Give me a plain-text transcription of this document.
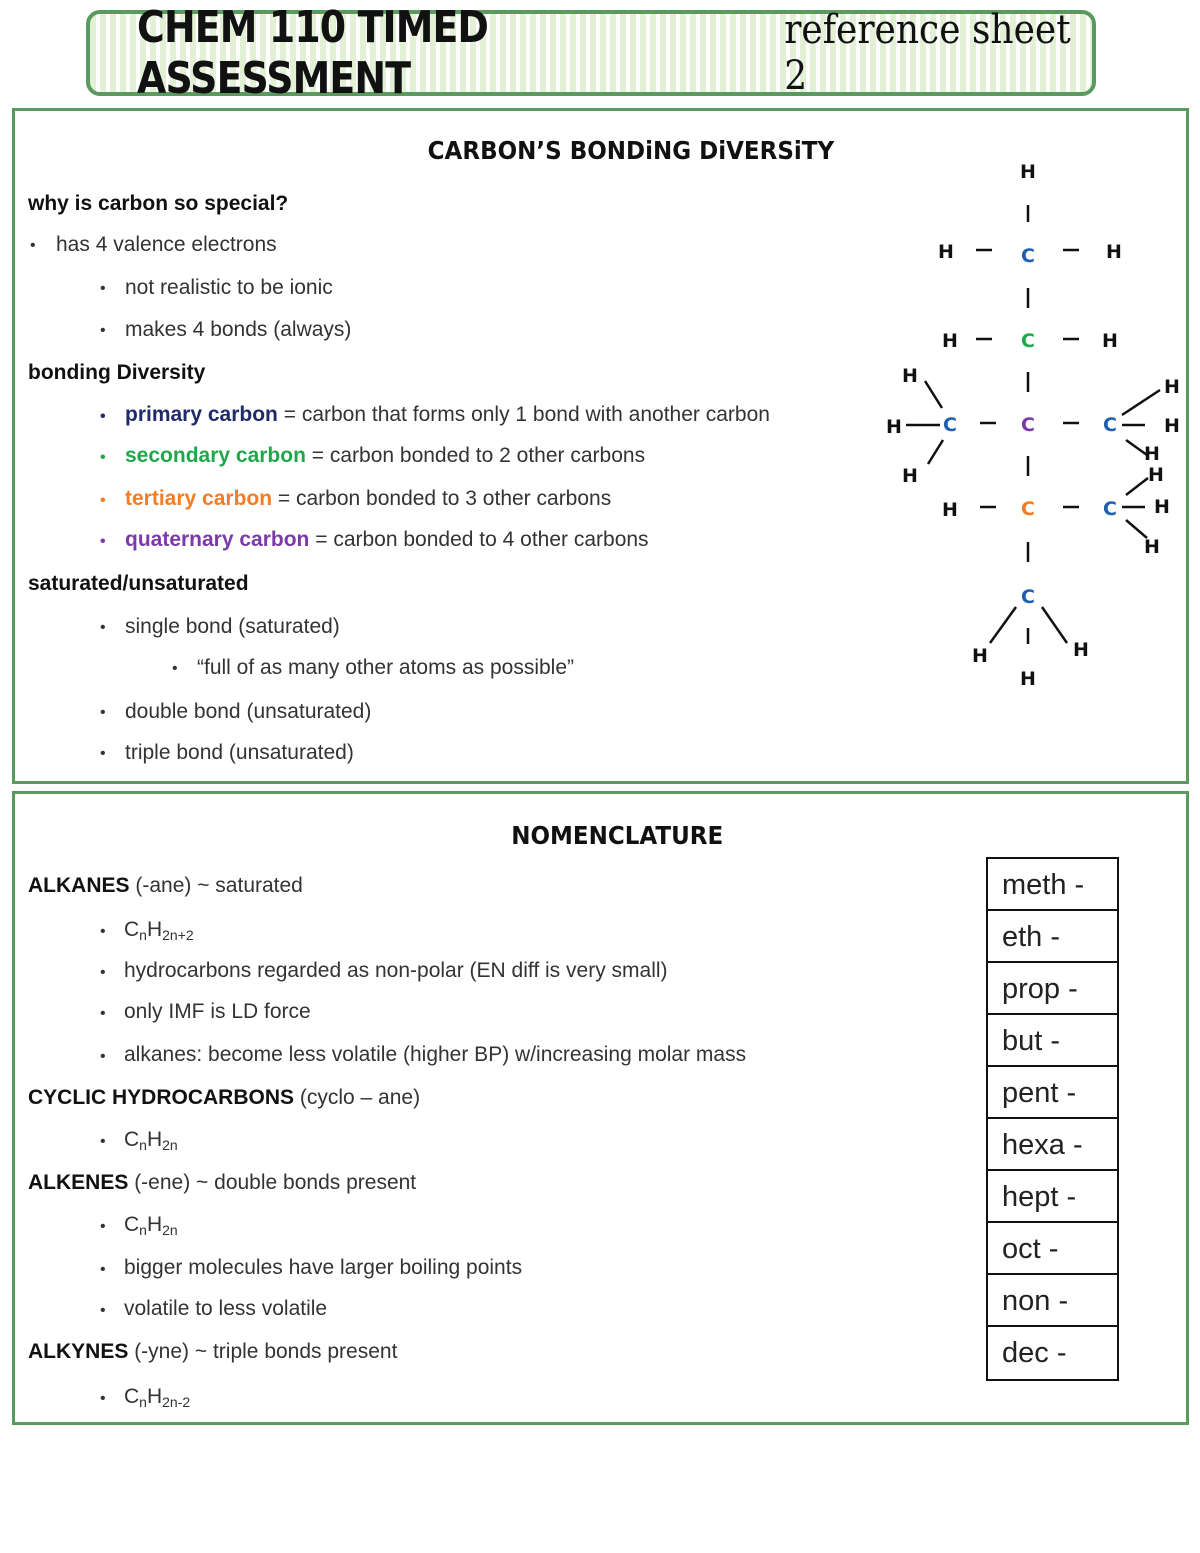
CHEM 110 TIMED ASSESSMENT
reference sheet 2
CARBON’S BONDiNG DiVERSiTY
why is carbon so special?
• has 4 valence electrons
• not realistic to be ionic
• makes 4 bonds (always)
bonding Diversity
• primary carbon = carbon that forms only 1 bond with another carbon
• secondary carbon = carbon bonded to 2 other carbons
• tertiary carbon = carbon bonded to 3 other carbons
• quaternary carbon = carbon bonded to 4 other carbons
saturated/unsaturated
• single bond (saturated)
• “full of as many other atoms as possible”
• double bond (unsaturated)
• triple bond (unsaturated)
H
H	H
H	H
H
H
H
H
H
H
H
H	H
H
H	H
H
C
C
C	C	C
C	C
C
NOMENCLATURE
ALKANES (-ane) ~ saturated
• $C_nH_{2n+2}$
• hydrocarbons regarded as non-polar (EN diff is very small)
• only IMF is LD force
• alkanes: become less volatile (higher BP) w/increasing molar mass
CYCLIC HYDROCARBONS (cyclo – ane)
• $C_nH_{2n}$
ALKENES (-ene) ~ double bonds present
• $C_nH_{2n}$
• bigger molecules have larger boiling points
• volatile to less volatile
ALKYNES (-yne) ~ triple bonds present
• $C_nH_{2n-2}$
meth -
eth -
prop -
but -
pent -
hexa -
hept -
oct -
non -
dec -
